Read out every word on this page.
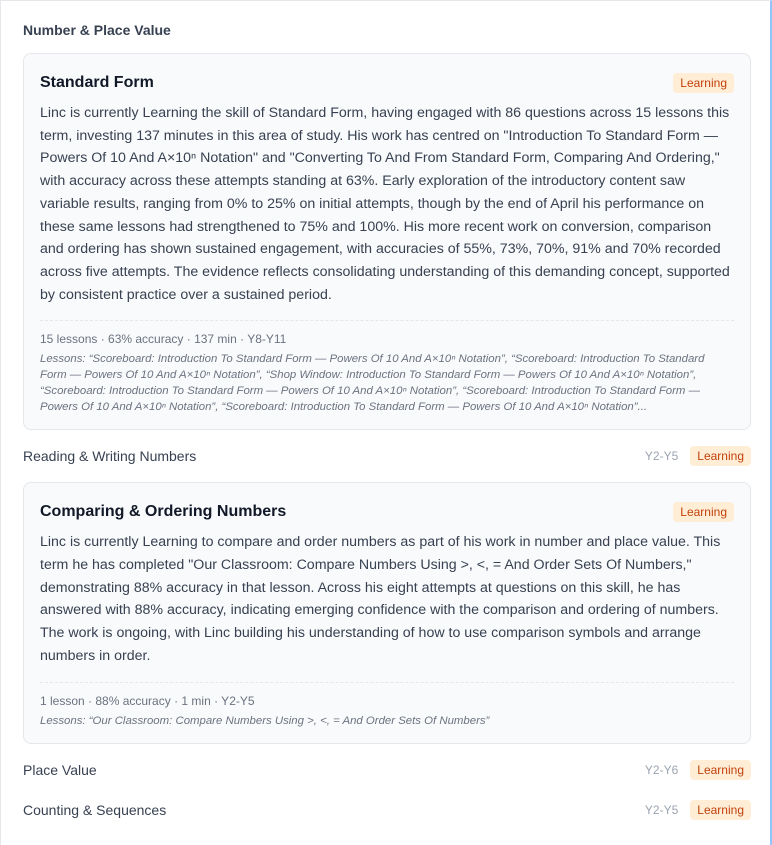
Number & Place Value
Standard Form	Learning
Linc is currently Learning the skill of Standard Form, having engaged with 86 questions across 15 lessons this term, investing 137 minutes in this area of study. His work has centred on "Introduction To Standard Form — Powers Of 10 And A×10ⁿ Notation" and "Converting To And From Standard Form, Comparing And Ordering," with accuracy across these attempts standing at 63%. Early exploration of the introductory content saw variable results, ranging from 0% to 25% on initial attempts, though by the end of April his performance on these same lessons had strengthened to 75% and 100%. His more recent work on conversion, comparison and ordering has shown sustained engagement, with accuracies of 55%, 73%, 70%, 91% and 70% recorded across five attempts. The evidence reflects consolidating understanding of this demanding concept, supported by consistent practice over a sustained period.
15 lessons · 63% accuracy · 137 min · Y8-Y11
Lessons: “Scoreboard: Introduction To Standard Form — Powers Of 10 And A×10ⁿ Notation”, “Scoreboard: Introduction To Standard Form — Powers Of 10 And A×10ⁿ Notation”, “Shop Window: Introduction To Standard Form — Powers Of 10 And A×10ⁿ Notation”, “Scoreboard: Introduction To Standard Form — Powers Of 10 And A×10ⁿ Notation”, “Scoreboard: Introduction To Standard Form — Powers Of 10 And A×10ⁿ Notation”, “Scoreboard: Introduction To Standard Form — Powers Of 10 And A×10ⁿ Notation”...
Reading & Writing Numbers	Y2-Y5	Learning
Comparing & Ordering Numbers	Learning
Linc is currently Learning to compare and order numbers as part of his work in number and place value. This term he has completed "Our Classroom: Compare Numbers Using >, <, = And Order Sets Of Numbers," demonstrating 88% accuracy in that lesson. Across his eight attempts at questions on this skill, he has answered with 88% accuracy, indicating emerging confidence with the comparison and ordering of numbers. The work is ongoing, with Linc building his understanding of how to use comparison symbols and arrange numbers in order.
1 lesson · 88% accuracy · 1 min · Y2-Y5
Lessons: “Our Classroom: Compare Numbers Using >, <, = And Order Sets Of Numbers”
Place Value	Y2-Y6	Learning
Counting & Sequences	Y2-Y5	Learning
